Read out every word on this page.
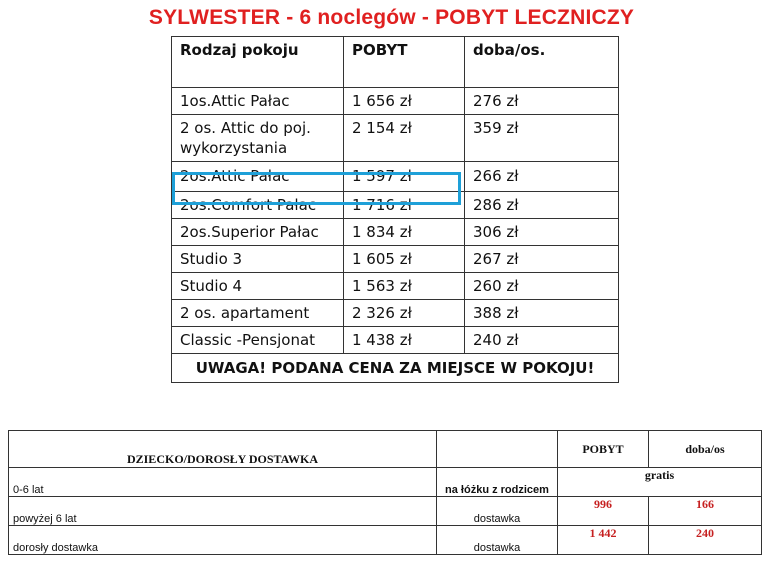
SYLWESTER - 6 noclegów - POBYT LECZNICZY
Rodzaj pokoju	POBYT	doba/os.
1os.Attic Pałac	1 656 zł	276 zł
2 os. Attic do poj. wykorzystania	2 154 zł	359 zł
2os.Attic Pałac	1 597 zł	266 zł
2os.Comfort Pałac	1 716 zł	286 zł
2os.Superior Pałac	1 834 zł	306 zł
Studio 3	1 605 zł	267 zł
Studio 4	1 563 zł	260 zł
2 os. apartament	2 326 zł	388 zł
Classic -Pensjonat	1 438 zł	240 zł
UWAGA! PODANA CENA ZA MIEJSCE W POKOJU!		
DZIECKO/DOROSŁY DOSTAWKA		POBYT	doba/os
0-6 lat	na łóżku z rodzicem	gratis	
powyżej 6 lat	dostawka	996	166
dorosły dostawka	dostawka	1 442	240
